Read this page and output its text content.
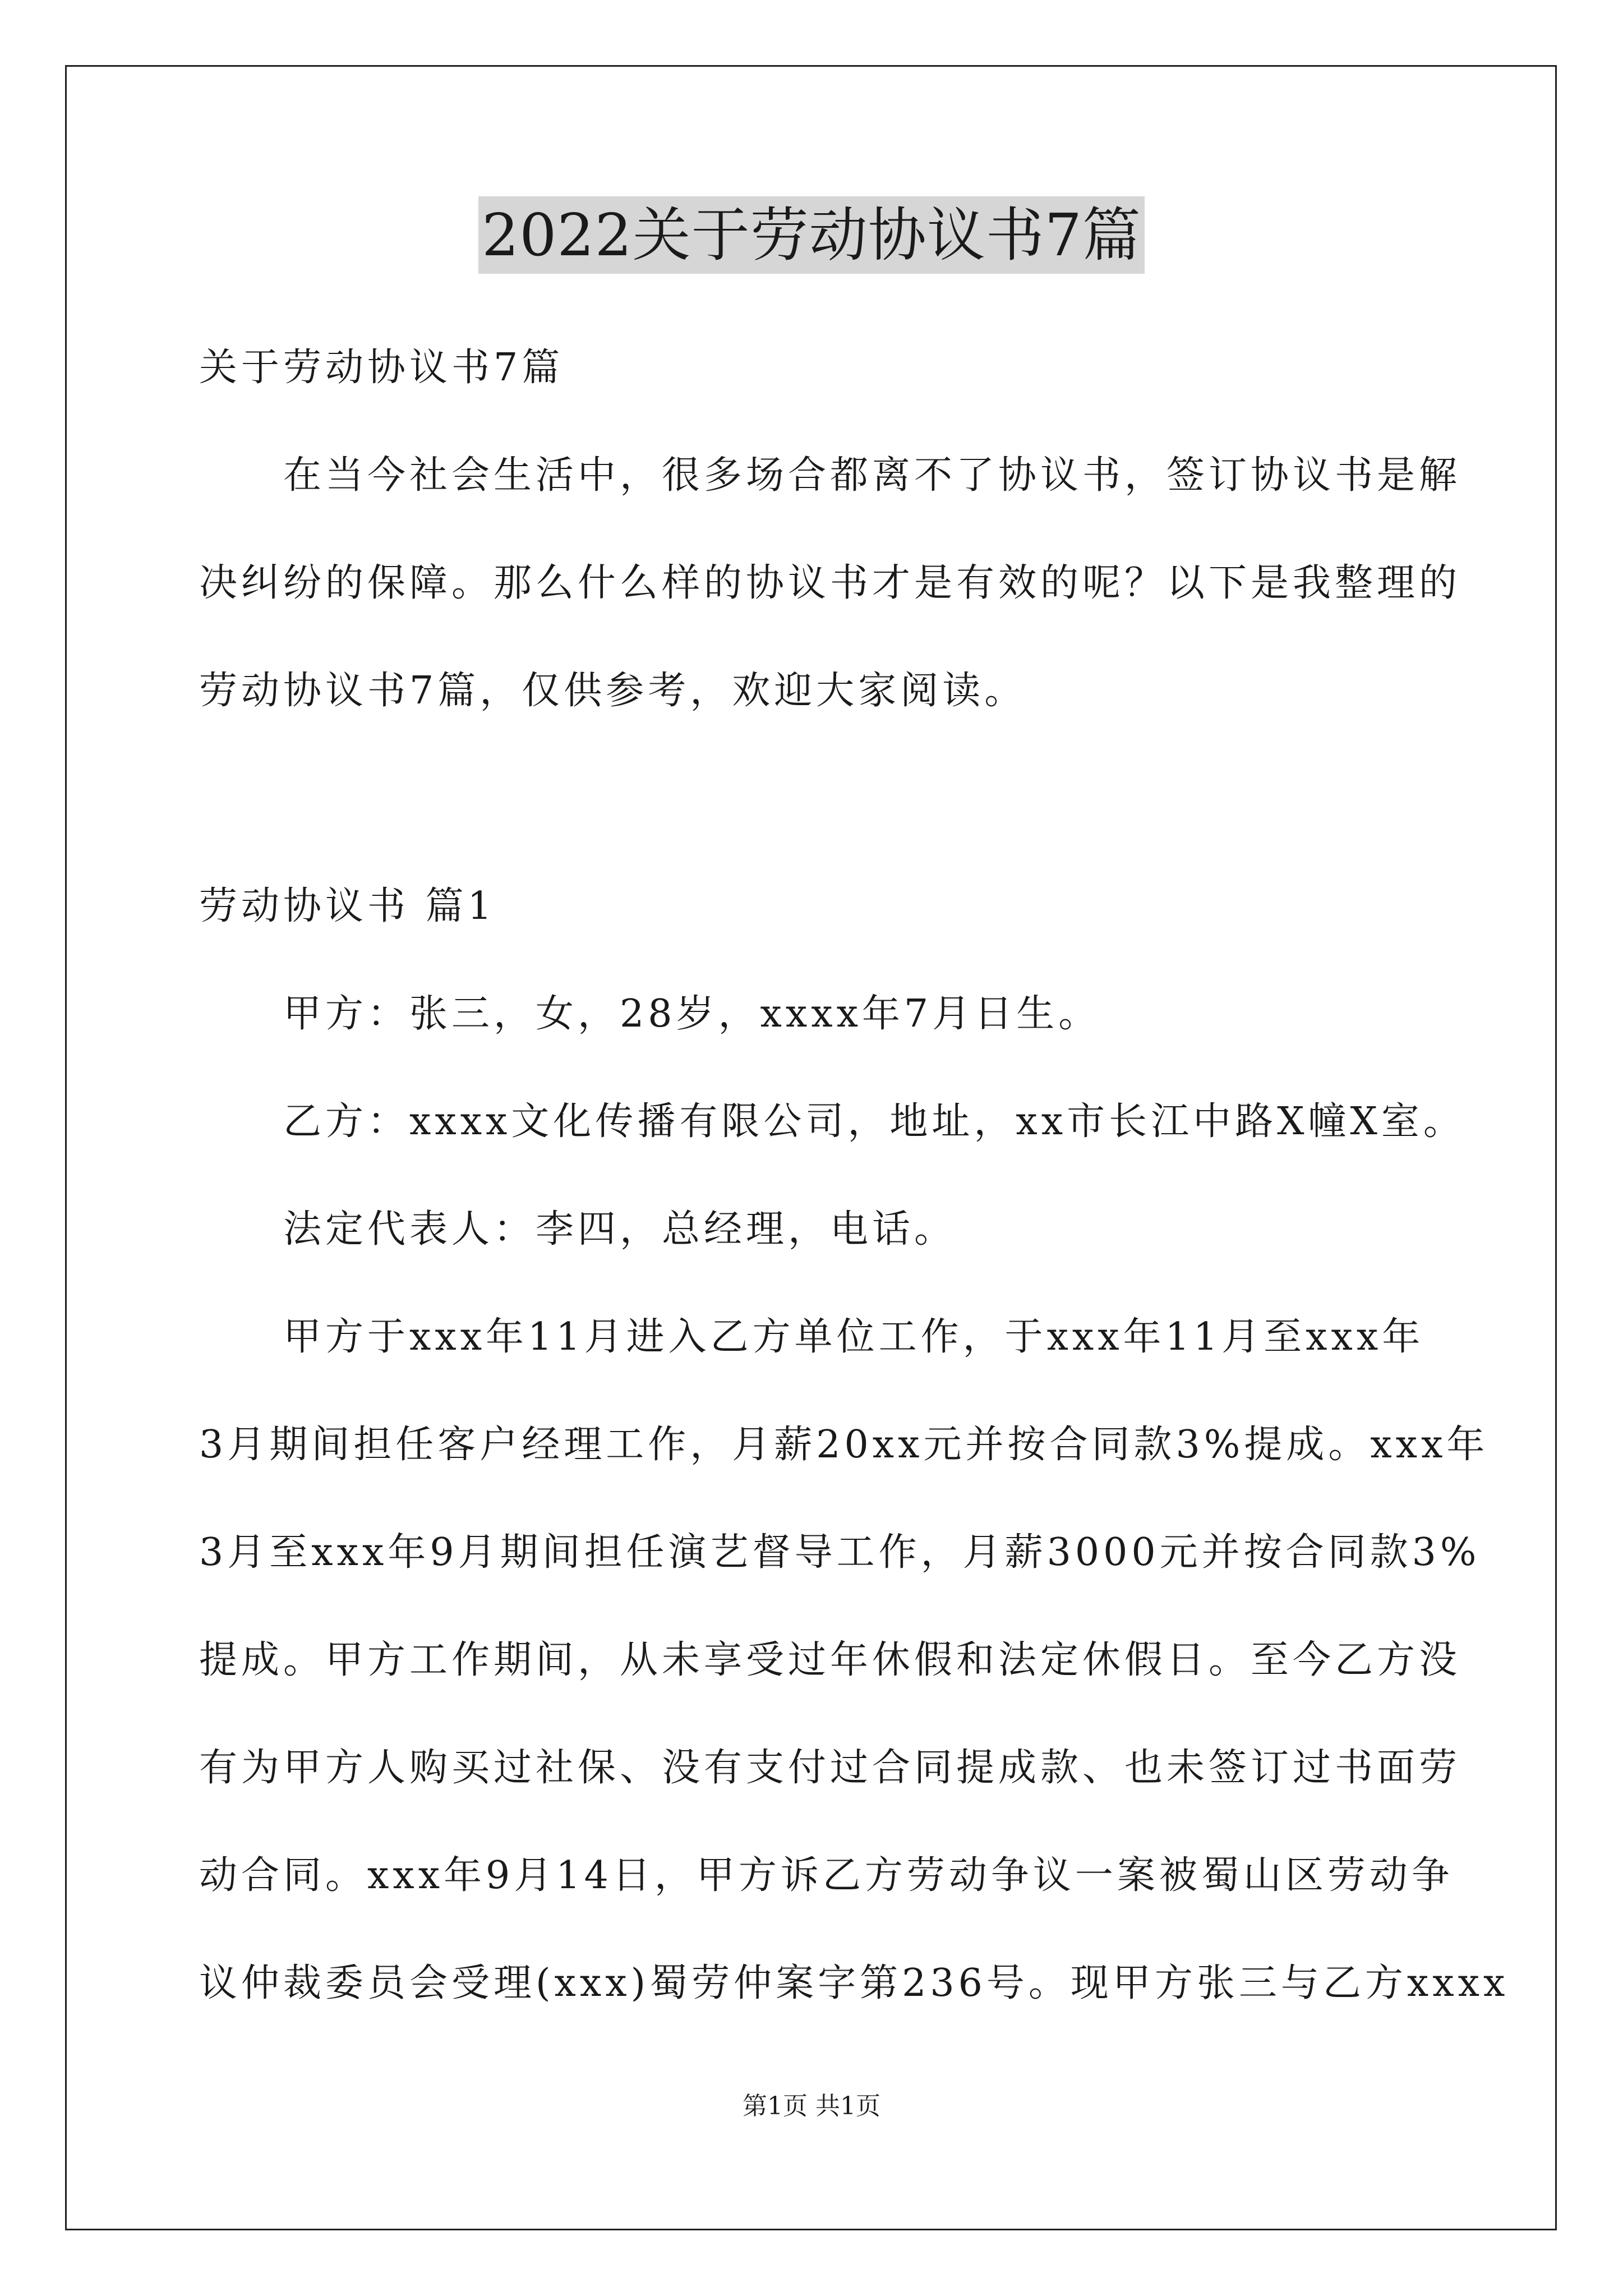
2022关于劳动协议书7篇
关于劳动协议书7篇
在当今社会生活中，很多场合都离不了协议书，签订协议书是解
决纠纷的保障。那么什么样的协议书才是有效的呢？以下是我整理的
劳动协议书7篇，仅供参考，欢迎大家阅读。
劳动协议书 篇1
甲方：张三，女，28岁，xxxx年7月日生。
乙方：xxxx文化传播有限公司，地址，xx市长江中路X幢X室。
法定代表人：李四，总经理，电话。
甲方于xxx年11月进入乙方单位工作，于xxx年11月至xxx年
3月期间担任客户经理工作，月薪20xx元并按合同款3%提成。xxx年
3月至xxx年9月期间担任演艺督导工作，月薪3000元并按合同款3%
提成。甲方工作期间，从未享受过年休假和法定休假日。至今乙方没
有为甲方人购买过社保、没有支付过合同提成款、也未签订过书面劳
动合同。xxx年9月14日，甲方诉乙方劳动争议一案被蜀山区劳动争
议仲裁委员会受理(xxx)蜀劳仲案字第236号。现甲方张三与乙方xxxx
第1页 共1页
